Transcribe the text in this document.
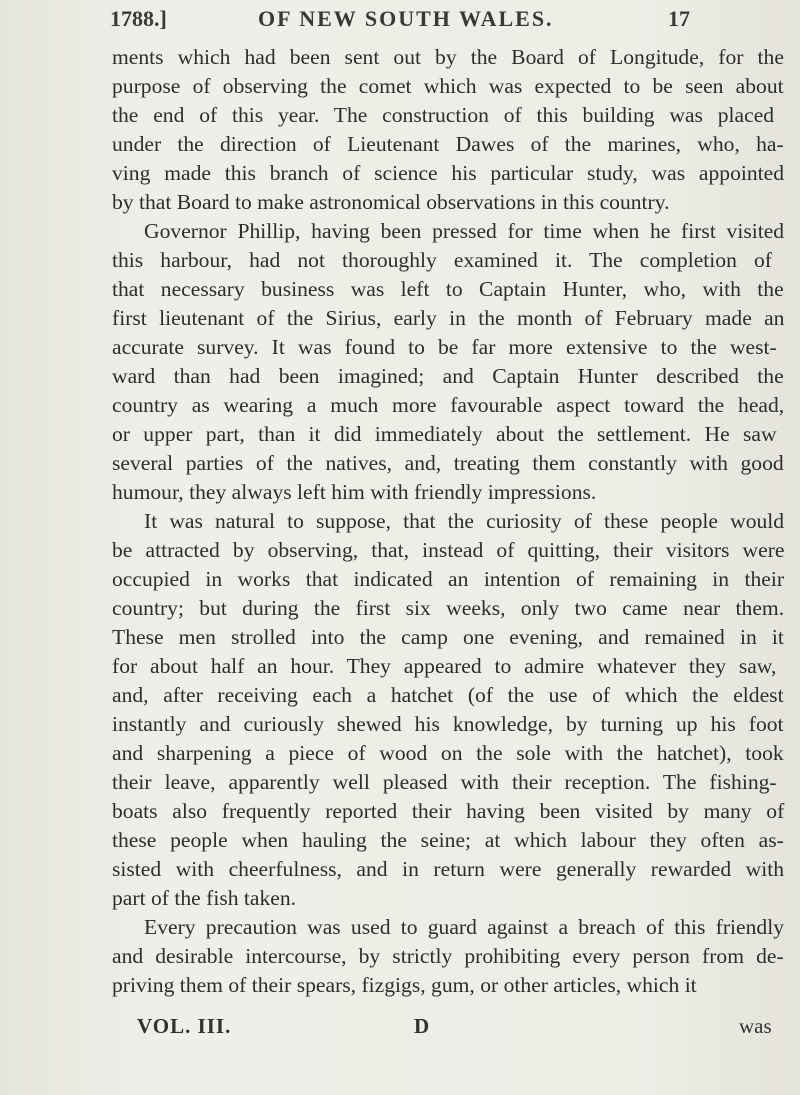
1788.]	OF NEW SOUTH WALES.	17
ments which had been sent out by the Board of Longitude, for the
purpose of observing the comet which was expected to be seen about
the end of this year. The construction of this building was placed
under the direction of Lieutenant Dawes of the marines, who, ha-
ving made this branch of science his particular study, was appointed
by that Board to make astronomical observations in this country.
Governor Phillip, having been pressed for time when he first visited
this harbour, had not thoroughly examined it. The completion of
that necessary business was left to Captain Hunter, who, with the
first lieutenant of the Sirius, early in the month of February made an
accurate survey. It was found to be far more extensive to the west-
ward than had been imagined; and Captain Hunter described the
country as wearing a much more favourable aspect toward the head,
or upper part, than it did immediately about the settlement. He saw
several parties of the natives, and, treating them constantly with good
humour, they always left him with friendly impressions.
It was natural to suppose, that the curiosity of these people would
be attracted by observing, that, instead of quitting, their visitors were
occupied in works that indicated an intention of remaining in their
country; but during the first six weeks, only two came near them.
These men strolled into the camp one evening, and remained in it
for about half an hour. They appeared to admire whatever they saw,
and, after receiving each a hatchet (of the use of which the eldest
instantly and curiously shewed his knowledge, by turning up his foot
and sharpening a piece of wood on the sole with the hatchet), took
their leave, apparently well pleased with their reception. The fishing-
boats also frequently reported their having been visited by many of
these people when hauling the seine; at which labour they often as-
sisted with cheerfulness, and in return were generally rewarded with
part of the fish taken.
Every precaution was used to guard against a breach of this friendly
and desirable intercourse, by strictly prohibiting every person from de-
priving them of their spears, fizgigs, gum, or other articles, which it
VOL. III.	D	was
